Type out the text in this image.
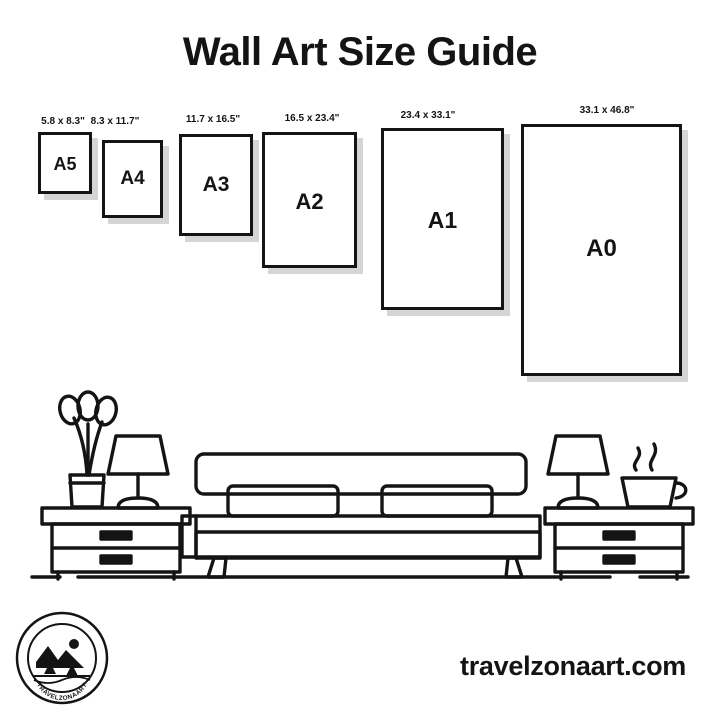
Wall Art Size Guide
5.8 x 8.3"
A5
8.3 x 11.7"
A4
11.7 x 16.5"
A3
16.5 x 23.4"
A2
23.4 x 33.1"
A1
33.1 x 46.8"
A0
travelzonaart.com
TRAVELZONAART
